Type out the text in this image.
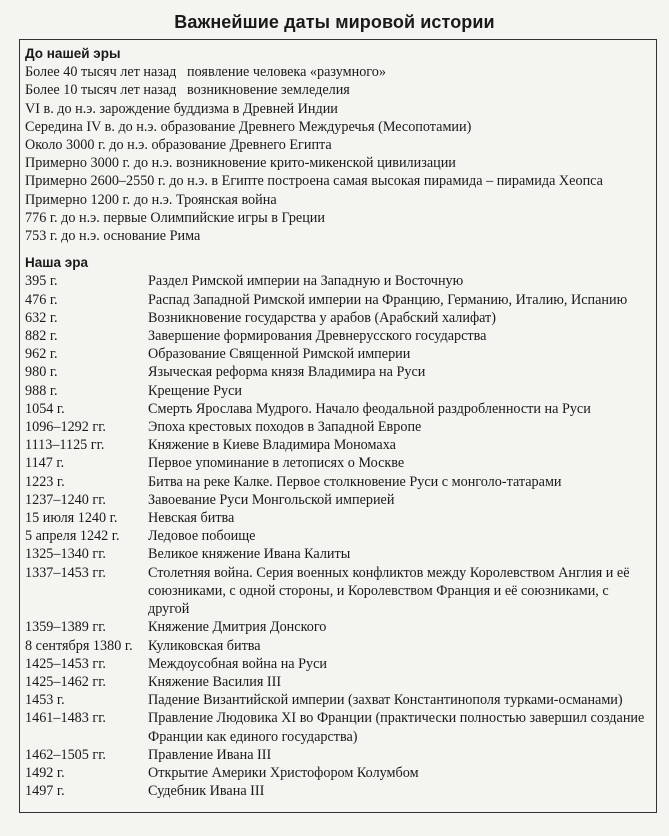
Важнейшие даты мировой истории
До нашей эры
Более 40 тысяч лет назад   появление человека «разумного»
Более 10 тысяч лет назад   возникновение земледелия
VI в. до н.э. зарождение буддизма в Древней Индии
Середина IV в. до н.э. образование Древнего Междуречья (Месопотамии)
Около 3000 г. до н.э. образование Древнего Египта
Примерно 3000 г. до н.э. возникновение крито-микенской цивилизации
Примерно 2600–2550 г. до н.э. в Египте построена самая высокая пирамида – пирамида Хеопса
Примерно 1200 г. до н.э. Троянская война
776 г. до н.э. первые Олимпийские игры в Греции
753 г. до н.э. основание Рима
Наша эра
395 г.	Раздел Римской империи на Западную и Восточную
476 г.	Распад Западной Римской империи на Францию, Германию, Италию, Испанию
632 г.	Возникновение государства у арабов (Арабский халифат)
882 г.	Завершение формирования Древнерусского государства
962 г.	Образование Священной Римской империи
980 г.	Языческая реформа князя Владимира на Руси
988 г.	Крещение Руси
1054 г.	Смерть Ярослава Мудрого. Начало феодальной раздробленности на Руси
1096–1292 гг.	Эпоха крестовых походов в Западной Европе
1113–1125 гг.	Княжение в Киеве Владимира Мономаха
1147 г.	Первое упоминание в летописях о Москве
1223 г.	Битва на реке Калке. Первое столкновение Руси с монголо-татарами
1237–1240 гг.	Завоевание Руси Монгольской империей
15 июля 1240 г.	Невская битва
5 апреля 1242 г.	Ледовое побоище
1325–1340 гг.	Великое княжение Ивана Калиты
1337–1453 гг.	Столетняя война. Серия военных конфликтов между Королевством Англия и её союзниками, с одной стороны, и Королевством Франция и её союзниками, с другой
1359–1389 гг.	Княжение Дмитрия Донского
8 сентября 1380 г.	Куликовская битва
1425–1453 гг.	Междоусобная война на Руси
1425–1462 гг.	Княжение Василия III
1453 г.	Падение Византийской империи (захват Константинополя турками-османами)
1461–1483 гг.	Правление Людовика XI во Франции (практически полностью завершил создание Франции как единого государства)
1462–1505 гг.	Правление Ивана III
1492 г.	Открытие Америки Христофором Колумбом
1497 г.	Судебник Ивана III
